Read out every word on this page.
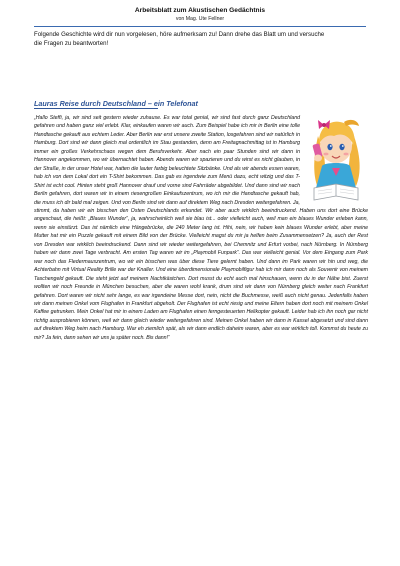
Arbeitsblatt zum Akustischen Gedächtnis
von Mag. Ute Fellner
Folgende Geschichte wird dir nun vorgelesen, höre aufmerksam zu! Dann drehe das Blatt um und versuche die Fragen zu beantworten!
Lauras Reise durch Deutschland – ein Telefonat
„Hallo Steffi, ja, wir sind seit gestern wieder zuhause. Es war total genial, wir sind fast durch ganz Deutschland gefahren und haben ganz viel erlebt. Klar, einkaufen waren wir auch. Zum Beispiel habe ich mir in Berlin eine tolle Handtasche gekauft aus echtem Leder. Aber Berlin war erst unsere zweite Station, losgefahren sind wir natürlich in Hamburg. Dort sind wir dann gleich mal ordentlich im Stau gestanden, denn am Freitagnachmittag ist in Hamburg immer ein großes Verkehrschaos wegen dem Berufsverkehr. Aber nach ein paar Stunden sind wir dann in Hannover angekommen, wo wir übernachtet haben. Abends waren wir spazieren und du wirst es nicht glauben, in der Straße, in der unser Hotel war, hatten die lauter farbig beleuchtete Sitzbänke. Und als wir abends essen waren, hab ich von dem Lokal dort ein T-Shirt bekommen. Das gab es irgendwie zum Menü dazu, echt witzig und das T-Shirt ist echt cool. Hinten steht groß Hannover drauf und vorne sind Fahrräder abgebildet. Und dann sind wir nach Berlin gefahren, dort waren wir in einem riesengroßen Einkaufszentrum, wo ich mir die Handtasche gekauft hab, die muss ich dir bald mal zeigen. Und von Berlin sind wir dann auf direktem Weg nach Dresden weitergefahren. Ja, stimmt, da haben wir ein bisschen den Osten Deutschlands erkundet. Wir aber auch wirklich beeindruckend. Haben uns dort eine Brücke angeschaut, die heißt: „Blaues Wunder“, ja, wahrscheinlich weil sie blau ist... oder vielleicht auch, weil man ein blaues Wunder erleben kann, wenn sie einstürzt. Das ist nämlich eine Hängebrücke, die 240 Meter lang ist. Hihi, nein, wir haben kein blaues Wunder erlebt, aber meine Mutter hat mir ein Puzzle gekauft mit einem Bild von der Brücke. Vielleicht magst du mir ja helfen beim Zusammensetzen? Ja, auch der Rest von Dresden war wirklich beeindruckend. Dann sind wir wieder weitergefahren, bei Chemnitz und Erfurt vorbei, nach Nürnberg. In Nürnberg haben wir dann zwei Tage verbracht. Am ersten Tag waren wir im „Playmobil Funpark“. Das war vielleicht genial. Vor dem Eingang zum Park war noch das Fledermauszentrum, wo wir ein bisschen was über diese Tiere gelernt haben. Und dann im Park waren wir hin und weg, die Achterbahn mit Virtual Reality Brille war der Knaller. Und eine überdimensionale Playmobilfigur hab ich mir dann noch als Souvenir von meinem Taschengeld gekauft. Die steht jetzt auf meinem Nachtkästchen. Dort musst du echt auch mal hinschauen, wenn du in der Nähe bist. Zuerst wollten wir noch Freunde in München besuchen, aber die waren wohl krank, drum sind wir dann von Nürnberg gleich weiter nach Frankfurt gefahren. Dort waren wir nicht sehr lange, es war irgendeine Messe dort, nein, nicht die Buchmesse, weiß auch nicht genau. Jedenfalls haben wir dann meinen Onkel vom Flughafen in Frankfurt abgeholt. Der Flughafen ist echt riesig und meine Eltern haben dort noch mit meinem Onkel Kaffee getrunken. Mein Onkel hat mir in einem Laden am Flughafen einen ferngesteuerten Helikopter gekauft. Leider hab ich ihn noch gar nicht richtig ausprobieren können, weil wir dann gleich wieder weitergefahren sind. Meinen Onkel haben wir dann in Kassel abgesetzt und sind dann auf direktem Weg heim nach Hamburg. War eh ziemlich spät, als wir dann endlich daheim waren, aber es war wirklich toll. Kommst du heute zu mir? Ja fein, dann sehen wir uns ja später noch. Bis dann!“
